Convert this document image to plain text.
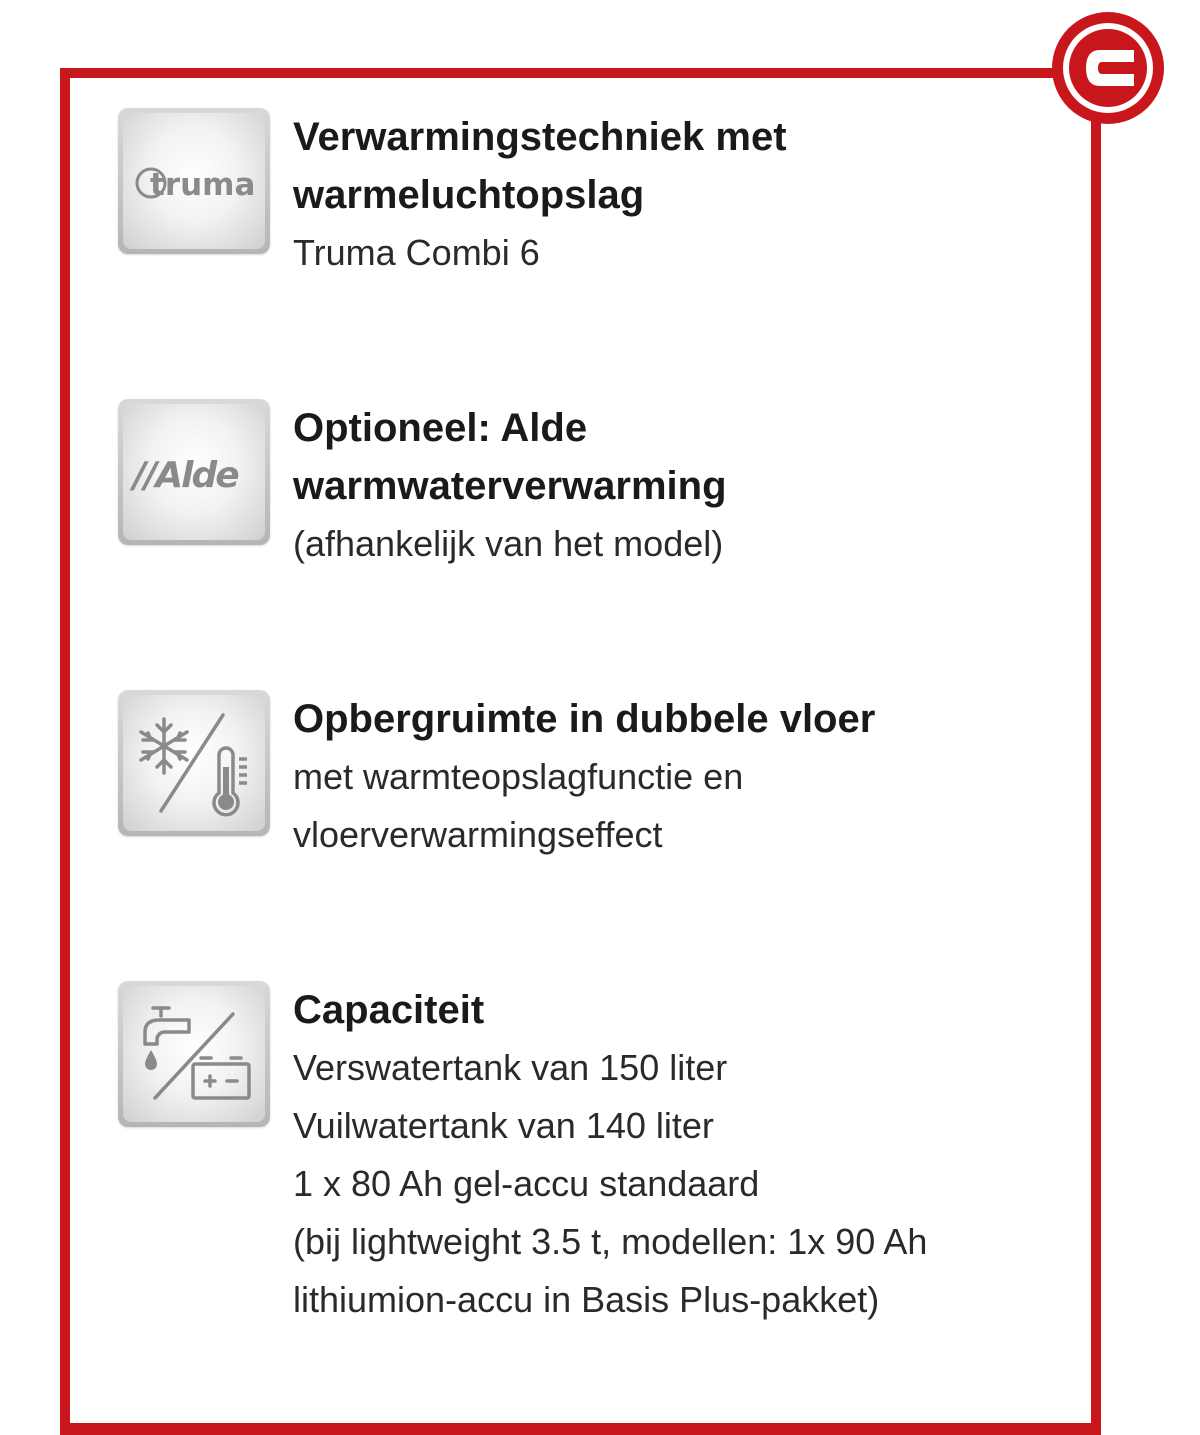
truma

Verwarmingstechniek met

warmeluchtopslag

Truma Combi 6

//Alde

Optioneel: Alde

warmwaterverwarming

(afhankelijk van het model)

Opbergruimte in dubbele vloer

met warmteopslagfunctie en

vloerverwarmingseffect

Capaciteit

Verswatertank van 150 liter

Vuilwatertank van 140 liter

1 x 80 Ah gel-accu standaard

(bij lightweight 3.5 t, modellen: 1x 90 Ah

lithiumion-accu in Basis Plus-pakket)
